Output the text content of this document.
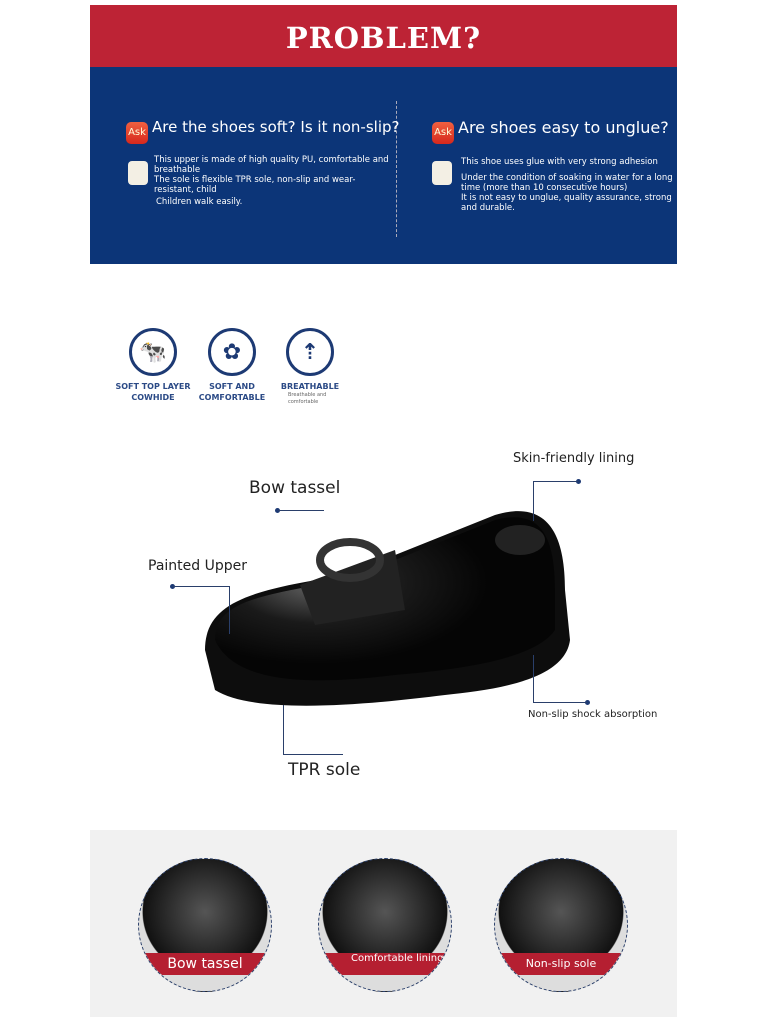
PROBLEM?
Ask Are the shoes soft? Is it non-slip?
This upper is made of high quality PU, comfortable and breathable
The sole is flexible TPR sole, non-slip and wear-resistant, child
Children walk easily.
Ask Are shoes easy to unglue?
This shoe uses glue with very strong adhesion
Under the condition of soaking in water for a long time (more than 10 consecutive hours)
It is not easy to unglue, quality assurance, strong and durable.
🐄
SOFT TOP LAYER COWHIDE
✿
SOFT AND COMFORTABLE
⇡
BREATHABLE
Breathable and comfortable
Bow tassel
Skin-friendly lining
Painted Upper
Non-slip shock absorption
TPR sole
Bow tassel	Comfortable lining	Non-slip sole
